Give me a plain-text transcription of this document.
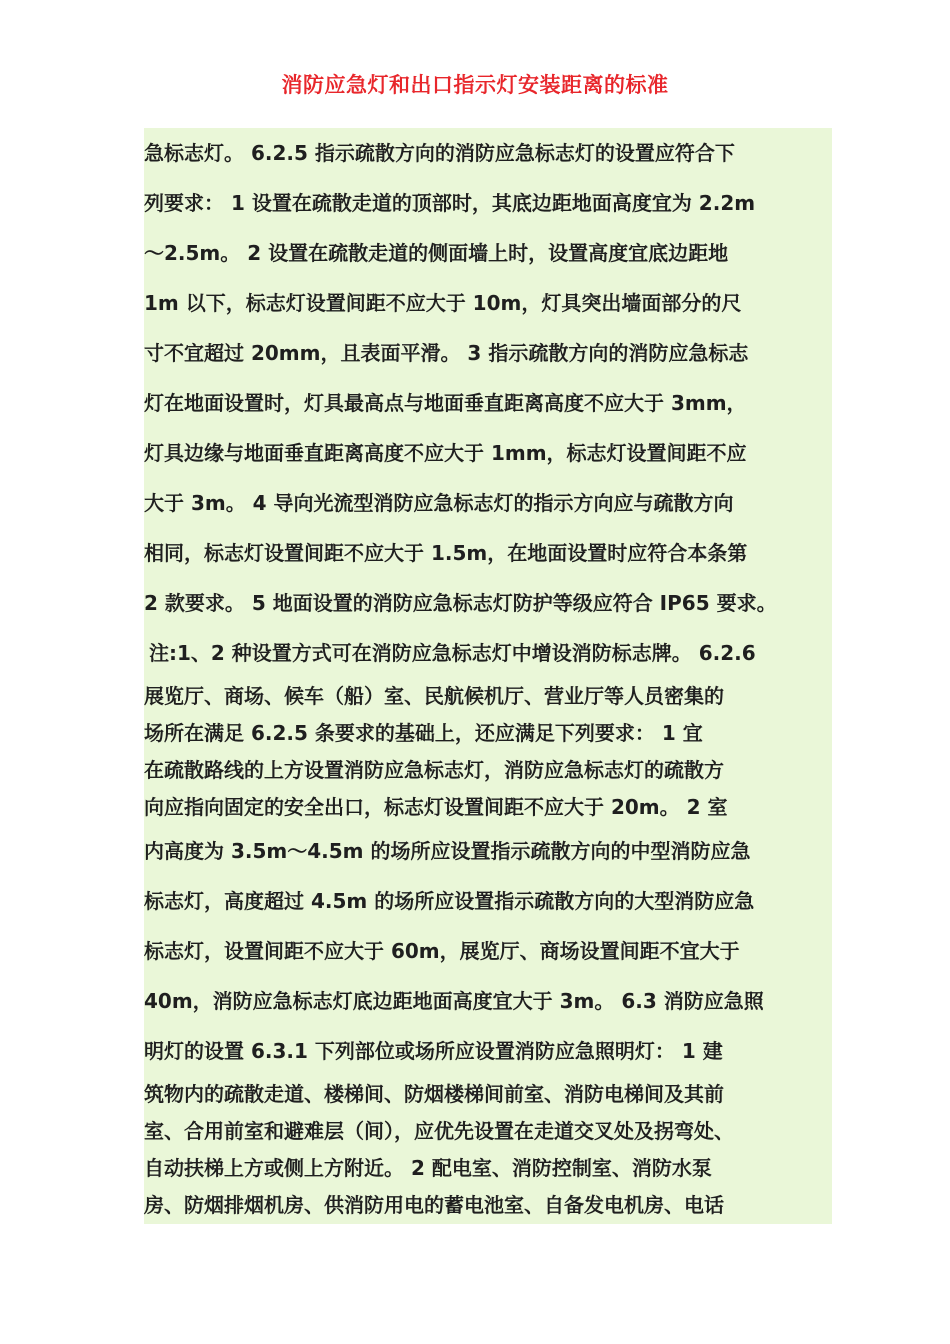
消防应急灯和出口指示灯安装距离的标准
急标志灯。 6.2.5 指示疏散方向的消防应急标志灯的设置应符合下
列要求： 1 设置在疏散走道的顶部时，其底边距地面高度宜为 2.2m
～2.5m。 2 设置在疏散走道的侧面墙上时，设置高度宜底边距地
1m 以下，标志灯设置间距不应大于 10m，灯具突出墙面部分的尺
寸不宜超过 20mm，且表面平滑。 3 指示疏散方向的消防应急标志
灯在地面设置时，灯具最高点与地面垂直距离高度不应大于 3mm，
灯具边缘与地面垂直距离高度不应大于 1mm，标志灯设置间距不应
大于 3m。 4 导向光流型消防应急标志灯的指示方向应与疏散方向
相同，标志灯设置间距不应大于 1.5m，在地面设置时应符合本条第
2 款要求。 5 地面设置的消防应急标志灯防护等级应符合 IP65 要求。
注:1、2 种设置方式可在消防应急标志灯中增设消防标志牌。 6.2.6
展览厅、商场、候车（船）室、民航候机厅、营业厅等人员密集的
场所在满足 6.2.5 条要求的基础上，还应满足下列要求： 1 宜
在疏散路线的上方设置消防应急标志灯，消防应急标志灯的疏散方
向应指向固定的安全出口，标志灯设置间距不应大于 20m。 2 室
内高度为 3.5m～4.5m 的场所应设置指示疏散方向的中型消防应急
标志灯，高度超过 4.5m 的场所应设置指示疏散方向的大型消防应急
标志灯，设置间距不应大于 60m，展览厅、商场设置间距不宜大于
40m，消防应急标志灯底边距地面高度宜大于 3m。 6.3 消防应急照
明灯的设置 6.3.1 下列部位或场所应设置消防应急照明灯： 1 建
筑物内的疏散走道、楼梯间、防烟楼梯间前室、消防电梯间及其前
室、合用前室和避难层（间），应优先设置在走道交叉处及拐弯处、
自动扶梯上方或侧上方附近。 2 配电室、消防控制室、消防水泵
房、防烟排烟机房、供消防用电的蓄电池室、自备发电机房、电话
